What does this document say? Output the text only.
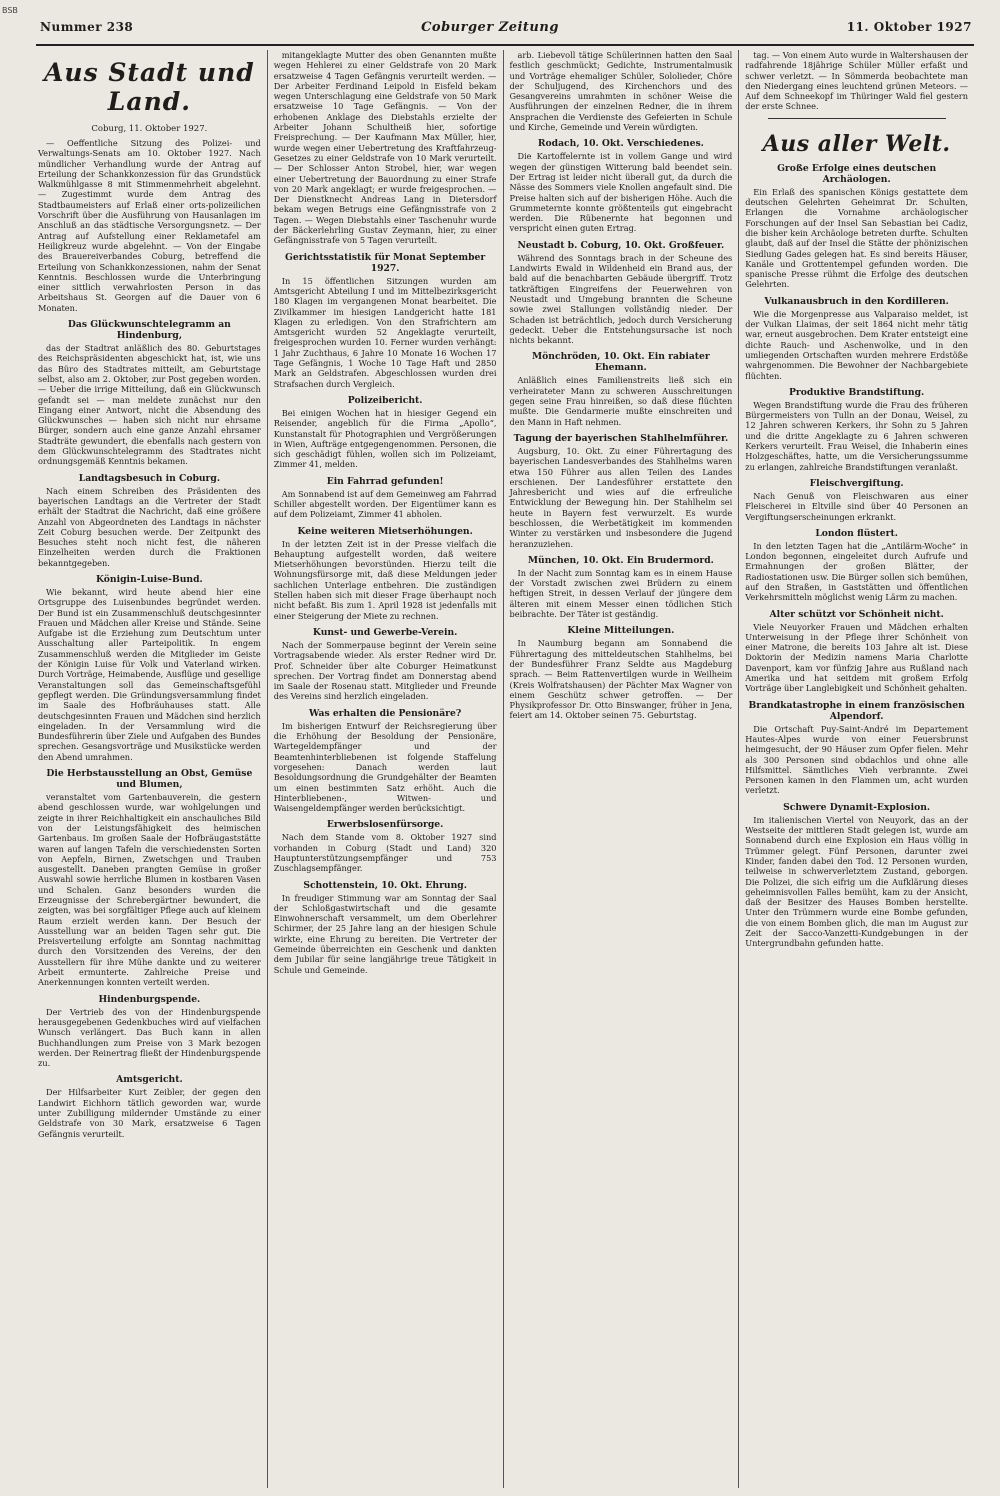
BSB
Nummer 238	Coburger Zeitung	11. Oktober 1927
Aus Stadt und Land.
Coburg, 11. Oktober 1927.

— Oeffentliche Sitzung des Polizei- und Verwaltungs-Senats am 10. Oktober 1927. Nach mündlicher Verhandlung wurde der Antrag auf Erteilung der Schankkonzession für das Grundstück Walkmühlgasse 8 mit Stimmenmehrheit abgelehnt. — Zugestimmt wurde dem Antrag des Stadtbaumeisters auf Erlaß einer orts-polizeilichen Vorschrift über die Ausführung von Hausanlagen im Anschluß an das städtische Versorgungsnetz. — Der Antrag auf Aufstellung einer Reklametafel am Heiligkreuz wurde abgelehnt. — Von der Eingabe des Brauereiverbandes Coburg, betreffend die Erteilung von Schankkonzessionen, nahm der Senat Kenntnis. Beschlossen wurde die Unterbringung einer sittlich verwahrlosten Person in das Arbeitshaus St. Georgen auf die Dauer von 6 Monaten.

Das Glückwunschtelegramm an Hindenburg,

das der Stadtrat anläßlich des 80. Geburtstages des Reichspräsidenten abgeschickt hat, ist, wie uns das Büro des Stadtrates mitteilt, am Geburtstage selbst, also am 2. Oktober, zur Post gegeben worden. — Ueber die irrige Mitteilung, daß ein Glückwunsch gefandt sei — man meldete zunächst nur den Eingang einer Antwort, nicht die Absendung des Glückwunsches — haben sich nicht nur ehrsame Bürger, sondern auch eine ganze Anzahl ehrsamer Stadträte gewundert, die ebenfalls nach gestern von dem Glückwunschtelegramm des Stadtrates nicht ordnungsgemäß Kenntnis bekamen.

Landtagsbesuch in Coburg.

Nach einem Schreiben des Präsidenten des bayerischen Landtags an die Vertreter der Stadt erhält der Stadtrat die Nachricht, daß eine größere Anzahl von Abgeordneten des Landtags in nächster Zeit Coburg besuchen werde. Der Zeitpunkt des Besuches steht noch nicht fest, die näheren Einzelheiten werden durch die Fraktionen bekanntgegeben.

Königin-Luise-Bund.

Wie bekannt, wird heute abend hier eine Ortsgruppe des Luisenbundes begründet werden. Der Bund ist ein Zusammenschluß deutschgesinnter Frauen und Mädchen aller Kreise und Stände. Seine Aufgabe ist die Erziehung zum Deutschtum unter Ausschaltung aller Parteipolitik. In engem Zusammenschluß werden die Mitglieder im Geiste der Königin Luise für Volk und Vaterland wirken. Durch Vorträge, Heimabende, Ausflüge und gesellige Veranstaltungen soll das Gemeinschaftsgefühl gepflegt werden. Die Gründungsversammlung findet im Saale des Hofbräuhauses statt. Alle deutschgesinnten Frauen und Mädchen sind herzlich eingeladen. In der Versammlung wird die Bundesführerin über Ziele und Aufgaben des Bundes sprechen. Gesangsvorträge und Musikstücke werden den Abend umrahmen.

Die Herbstausstellung an Obst, Gemüse und Blumen,

veranstaltet vom Gartenbauverein, die gestern abend geschlossen wurde, war wohlgelungen und zeigte in ihrer Reichhaltigkeit ein anschauliches Bild von der Leistungsfähigkeit des heimischen Gartenbaus. Im großen Saale der Hofbräugaststätte waren auf langen Tafeln die verschiedensten Sorten von Aepfeln, Birnen, Zwetschgen und Trauben ausgestellt. Daneben prangten Gemüse in großer Auswahl sowie herrliche Blumen in kostbaren Vasen und Schalen. Ganz besonders wurden die Erzeugnisse der Schrebergärtner bewundert, die zeigten, was bei sorgfältiger Pflege auch auf kleinem Raum erzielt werden kann. Der Besuch der Ausstellung war an beiden Tagen sehr gut. Die Preisverteilung erfolgte am Sonntag nachmittag durch den Vorsitzenden des Vereins, der den Ausstellern für ihre Mühe dankte und zu weiterer Arbeit ermunterte. Zahlreiche Preise und Anerkennungen konnten verteilt werden.

Hindenburgspende.

Der Vertrieb des von der Hindenburgspende herausgegebenen Gedenkbuches wird auf vielfachen Wunsch verlängert. Das Buch kann in allen Buchhandlungen zum Preise von 3 Mark bezogen werden. Der Reinertrag fließt der Hindenburgspende zu.

Amtsgericht.

Der Hilfsarbeiter Kurt Zeibler, der gegen den Landwirt Eichhorn tätlich geworden war, wurde unter Zubilligung mildernder Umstände zu einer Geldstrafe von 30 Mark, ersatzweise 6 Tagen Gefängnis verurteilt.

mitangeklagte Mutter des oben Genannten mußte wegen Hehlerei zu einer Geldstrafe von 20 Mark ersatzweise 4 Tagen Gefängnis verurteilt werden. — Der Arbeiter Ferdinand Leipold in Eisfeld bekam wegen Unterschlagung eine Geldstrafe von 50 Mark ersatzweise 10 Tage Gefängnis. — Von der erhobenen Anklage des Diebstahls erzielte der Arbeiter Johann Schultheiß hier, sofortige Freisprechung. — Der Kaufmann Max Müller, hier, wurde wegen einer Uebertretung des Kraftfahrzeug-Gesetzes zu einer Geldstrafe von 10 Mark verurteilt. — Der Schlosser Anton Strobel, hier, war wegen einer Uebertretung der Bauordnung zu einer Strafe von 20 Mark angeklagt; er wurde freigesprochen. — Der Dienstknecht Andreas Lang in Dietersdorf bekam wegen Betrugs eine Gefängnisstrafe von 2 Tagen. — Wegen Diebstahls einer Taschenuhr wurde der Bäckerlehrling Gustav Zeymann, hier, zu einer Gefängnisstrafe von 5 Tagen verurteilt.

Gerichtsstatistik für Monat September 1927.

In 15 öffentlichen Sitzungen wurden am Amtsgericht Abteilung I und im Mittelbezirksgericht 180 Klagen im vergangenen Monat bearbeitet. Die Zivilkammer im hiesigen Landgericht hatte 181 Klagen zu erledigen. Von den Strafrichtern am Amtsgericht wurden 52 Angeklagte verurteilt, freigesprochen wurden 10. Ferner wurden verhängt: 1 Jahr Zuchthaus, 6 Jahre 10 Monate 16 Wochen 17 Tage Gefängnis, 1 Woche 10 Tage Haft und 2850 Mark an Geldstrafen. Abgeschlossen wurden drei Strafsachen durch Vergleich.

Polizeibericht.

Bei einigen Wochen hat in hiesiger Gegend ein Reisender, angeblich für die Firma „Apollo“, Kunstanstalt für Photographien und Vergrößerungen in Wien, Aufträge entgegengenommen. Personen, die sich geschädigt fühlen, wollen sich im Polizeiamt, Zimmer 41, melden.

Ein Fahrrad gefunden!

Am Sonnabend ist auf dem Gemeinweg am Fahrrad Schiller abgestellt worden. Der Eigentümer kann es auf dem Polizeiamt, Zimmer 41 abholen.

Keine weiteren Mietserhöhungen.

In der letzten Zeit ist in der Presse vielfach die Behauptung aufgestellt worden, daß weitere Mietserhöhungen bevorstünden. Hierzu teilt die Wohnungsfürsorge mit, daß diese Meldungen jeder sachlichen Unterlage entbehren. Die zuständigen Stellen haben sich mit dieser Frage überhaupt noch nicht befaßt. Bis zum 1. April 1928 ist jedenfalls mit einer Steigerung der Miete zu rechnen.

Kunst- und Gewerbe-Verein.

Nach der Sommerpause beginnt der Verein seine Vortragsabende wieder. Als erster Redner wird Dr. Prof. Schneider über alte Coburger Heimatkunst sprechen. Der Vortrag findet am Donnerstag abend im Saale der Rosenau statt. Mitglieder und Freunde des Vereins sind herzlich eingeladen.

Was erhalten die Pensionäre?

Im bisherigen Entwurf der Reichsregierung über die Erhöhung der Besoldung der Pensionäre, Wartegeldempfänger und der Beamtenhinterbliebenen ist folgende Staffelung vorgesehen: Danach werden laut Besoldungsordnung die Grundgehälter der Beamten um einen bestimmten Satz erhöht. Auch die Hinterbliebenen-, Witwen- und Waisengeldempfänger werden berücksichtigt.

Erwerbslosenfürsorge.

Nach dem Stande vom 8. Oktober 1927 sind vorhanden in Coburg (Stadt und Land) 320 Hauptunterstützungsempfänger und 753 Zuschlagsempfänger.

Schottenstein, 10. Okt. Ehrung.

In freudiger Stimmung war am Sonntag der Saal der Schloßgastwirtschaft und die gesamte Einwohnerschaft versammelt, um dem Oberlehrer Schirmer, der 25 Jahre lang an der hiesigen Schule wirkte, eine Ehrung zu bereiten. Die Vertreter der Gemeinde überreichten ein Geschenk und dankten dem Jubilar für seine langjährige treue Tätigkeit in Schule und Gemeinde.

arb. Liebevoll tätige Schülerinnen hatten den Saal festlich geschmückt; Gedichte, Instrumentalmusik und Vorträge ehemaliger Schüler, Sololieder, Chöre der Schuljugend, des Kirchenchors und des Gesangvereins umrahmten in schöner Weise die Ausführungen der einzelnen Redner, die in ihrem Ansprachen die Verdienste des Gefeierten in Schule und Kirche, Gemeinde und Verein würdigten.

Rodach, 10. Okt. Verschiedenes.

Die Kartoffelernte ist in vollem Gange und wird wegen der günstigen Witterung bald beendet sein. Der Ertrag ist leider nicht überall gut, da durch die Nässe des Sommers viele Knollen angefault sind. Die Preise halten sich auf der bisherigen Höhe. Auch die Grummeternte konnte größtenteils gut eingebracht werden. Die Rübenernte hat begonnen und verspricht einen guten Ertrag.

Neustadt b. Coburg, 10. Okt. Großfeuer.

Während des Sonntags brach in der Scheune des Landwirts Ewald in Wildenheid ein Brand aus, der bald auf die benachbarten Gebäude übergriff. Trotz tatkräftigen Eingreifens der Feuerwehren von Neustadt und Umgebung brannten die Scheune sowie zwei Stallungen vollständig nieder. Der Schaden ist beträchtlich, jedoch durch Versicherung gedeckt. Ueber die Entstehungsursache ist noch nichts bekannt.

Mönchröden, 10. Okt. Ein rabiater Ehemann.

Anläßlich eines Familienstreits ließ sich ein verheirateter Mann zu schweren Ausschreitungen gegen seine Frau hinreißen, so daß diese flüchten mußte. Die Gendarmerie mußte einschreiten und den Mann in Haft nehmen.

Tagung der bayerischen Stahlhelmführer.

Augsburg, 10. Okt. Zu einer Führertagung des bayerischen Landesverbandes des Stahlhelms waren etwa 150 Führer aus allen Teilen des Landes erschienen. Der Landesführer erstattete den Jahresbericht und wies auf die erfreuliche Entwicklung der Bewegung hin. Der Stahlhelm sei heute in Bayern fest verwurzelt. Es wurde beschlossen, die Werbetätigkeit im kommenden Winter zu verstärken und insbesondere die Jugend heranzuziehen.

München, 10. Okt. Ein Brudermord.

In der Nacht zum Sonntag kam es in einem Hause der Vorstadt zwischen zwei Brüdern zu einem heftigen Streit, in dessen Verlauf der jüngere dem älteren mit einem Messer einen tödlichen Stich beibrachte. Der Täter ist geständig.

Kleine Mitteilungen.

In Naumburg begann am Sonnabend die Führertagung des mitteldeutschen Stahlhelms, bei der Bundesführer Franz Seldte aus Magdeburg sprach. — Beim Rattenvertilgen wurde in Weilheim (Kreis Wolfratshausen) der Pächter Max Wagner von einem Geschütz schwer getroffen. — Der Physikprofessor Dr. Otto Binswanger, früher in Jena, feiert am 14. Oktober seinen 75. Geburtstag.

tag. — Von einem Auto wurde in Waltershausen der radfahrende 18jährige Schüler Müller erfaßt und schwer verletzt. — In Sömmerda beobachtete man den Niedergang eines leuchtend grünen Meteors. — Auf dem Schneekopf im Thüringer Wald fiel gestern der erste Schnee.

Aus aller Welt.
Große Erfolge eines deutschen Archäologen.

Ein Erlaß des spanischen Königs gestattete dem deutschen Gelehrten Geheimrat Dr. Schulten, Erlangen die Vornahme archäologischer Forschungen auf der Insel San Sebastian bei Cadiz, die bisher kein Archäologe betreten durfte. Schulten glaubt, daß auf der Insel die Stätte der phönizischen Siedlung Gades gelegen hat. Es sind bereits Häuser, Kanäle und Grottentempel gefunden worden. Die spanische Presse rühmt die Erfolge des deutschen Gelehrten.

Vulkanausbruch in den Kordilleren.

Wie die Morgenpresse aus Valparaiso meldet, ist der Vulkan Llaimas, der seit 1864 nicht mehr tätig war, erneut ausgebrochen. Dem Krater entsteigt eine dichte Rauch- und Aschenwolke, und in den umliegenden Ortschaften wurden mehrere Erdstöße wahrgenommen. Die Bewohner der Nachbargebiete flüchten.

Produktive Brandstiftung.

Wegen Brandstiftung wurde die Frau des früheren Bürgermeisters von Tulln an der Donau, Weisel, zu 12 Jahren schweren Kerkers, ihr Sohn zu 5 Jahren und die dritte Angeklagte zu 6 Jahren schweren Kerkers verurteilt. Frau Weisel, die Inhaberin eines Holzgeschäftes, hatte, um die Versicherungssumme zu erlangen, zahlreiche Brandstiftungen veranlaßt.

Fleischvergiftung.

Nach Genuß von Fleischwaren aus einer Fleischerei in Eltville sind über 40 Personen an Vergiftungserscheinungen erkrankt.

London flüstert.

In den letzten Tagen hat die „Antilärm-Woche“ in London begonnen, eingeleitet durch Aufrufe und Ermahnungen der großen Blätter, der Radiostationen usw. Die Bürger sollen sich bemühen, auf den Straßen, in Gaststätten und öffentlichen Verkehrsmitteln möglichst wenig Lärm zu machen.

Alter schützt vor Schönheit nicht.

Viele Neuyorker Frauen und Mädchen erhalten Unterweisung in der Pflege ihrer Schönheit von einer Matrone, die bereits 103 Jahre alt ist. Diese Doktorin der Medizin namens Maria Charlotte Davenport, kam vor fünfzig Jahre aus Rußland nach Amerika und hat seitdem mit großem Erfolg Vorträge über Langlebigkeit und Schönheit gehalten.

Brandkatastrophe in einem französischen Alpendorf.

Die Ortschaft Puy-Saint-André im Departement Hautes-Alpes wurde von einer Feuersbrunst heimgesucht, der 90 Häuser zum Opfer fielen. Mehr als 300 Personen sind obdachlos und ohne alle Hilfsmittel. Sämtliches Vieh verbrannte. Zwei Personen kamen in den Flammen um, acht wurden verletzt.

Schwere Dynamit-Explosion.

Im italienischen Viertel von Neuyork, das an der Westseite der mittleren Stadt gelegen ist, wurde am Sonnabend durch eine Explosion ein Haus völlig in Trümmer gelegt. Fünf Personen, darunter zwei Kinder, fanden dabei den Tod. 12 Personen wurden, teilweise in schwerverletztem Zustand, geborgen. Die Polizei, die sich eifrig um die Aufklärung dieses geheimnisvollen Falles bemüht, kam zu der Ansicht, daß der Besitzer des Hauses Bomben herstellte. Unter den Trümmern wurde eine Bombe gefunden, die von einem Bomben glich, die man im August zur Zeit der Sacco-Vanzetti-Kundgebungen in der Untergrundbahn gefunden hatte.
